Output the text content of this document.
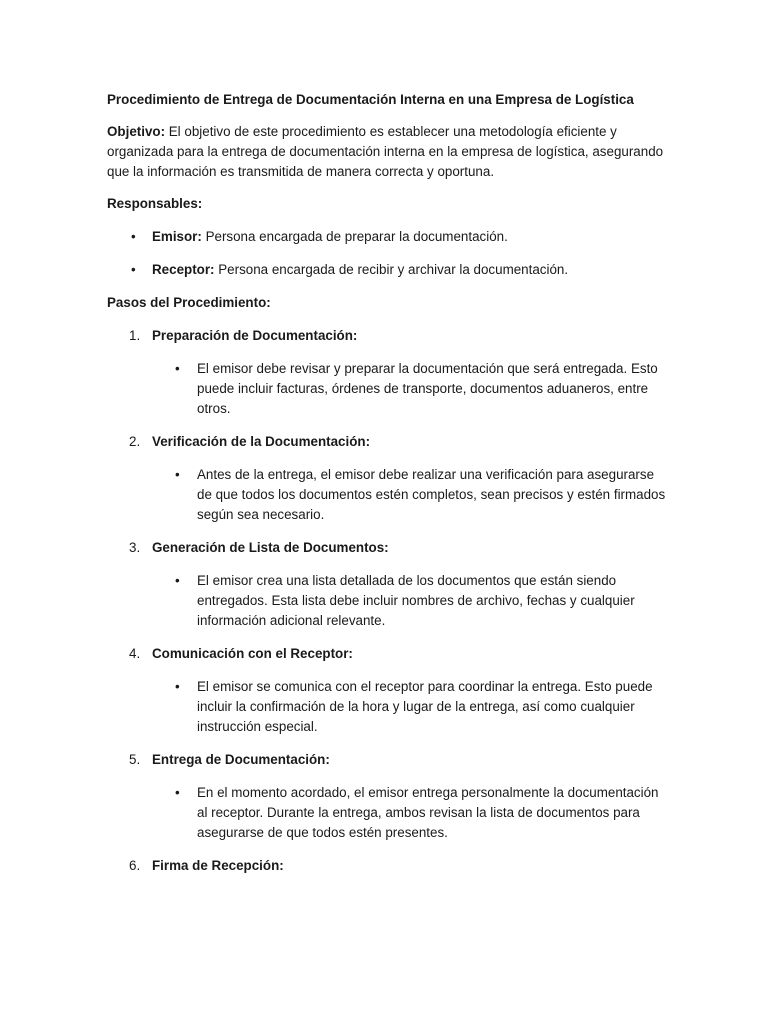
Procedimiento de Entrega de Documentación Interna en una Empresa de Logística

Objetivo: El objetivo de este procedimiento es establecer una metodología eficiente y organizada para la entrega de documentación interna en la empresa de logística, asegurando que la información es transmitida de manera correcta y oportuna.

Responsables:

• Emisor: Persona encargada de preparar la documentación.
• Receptor: Persona encargada de recibir y archivar la documentación.

Pasos del Procedimiento:

1. Preparación de Documentación:
• El emisor debe revisar y preparar la documentación que será entregada. Esto puede incluir facturas, órdenes de transporte, documentos aduaneros, entre otros.
2. Verificación de la Documentación:
• Antes de la entrega, el emisor debe realizar una verificación para asegurarse de que todos los documentos estén completos, sean precisos y estén firmados según sea necesario.
3. Generación de Lista de Documentos:
• El emisor crea una lista detallada de los documentos que están siendo entregados. Esta lista debe incluir nombres de archivo, fechas y cualquier información adicional relevante.
4. Comunicación con el Receptor:
• El emisor se comunica con el receptor para coordinar la entrega. Esto puede incluir la confirmación de la hora y lugar de la entrega, así como cualquier instrucción especial.
5. Entrega de Documentación:
• En el momento acordado, el emisor entrega personalmente la documentación al receptor. Durante la entrega, ambos revisan la lista de documentos para asegurarse de que todos estén presentes.
6. Firma de Recepción:
